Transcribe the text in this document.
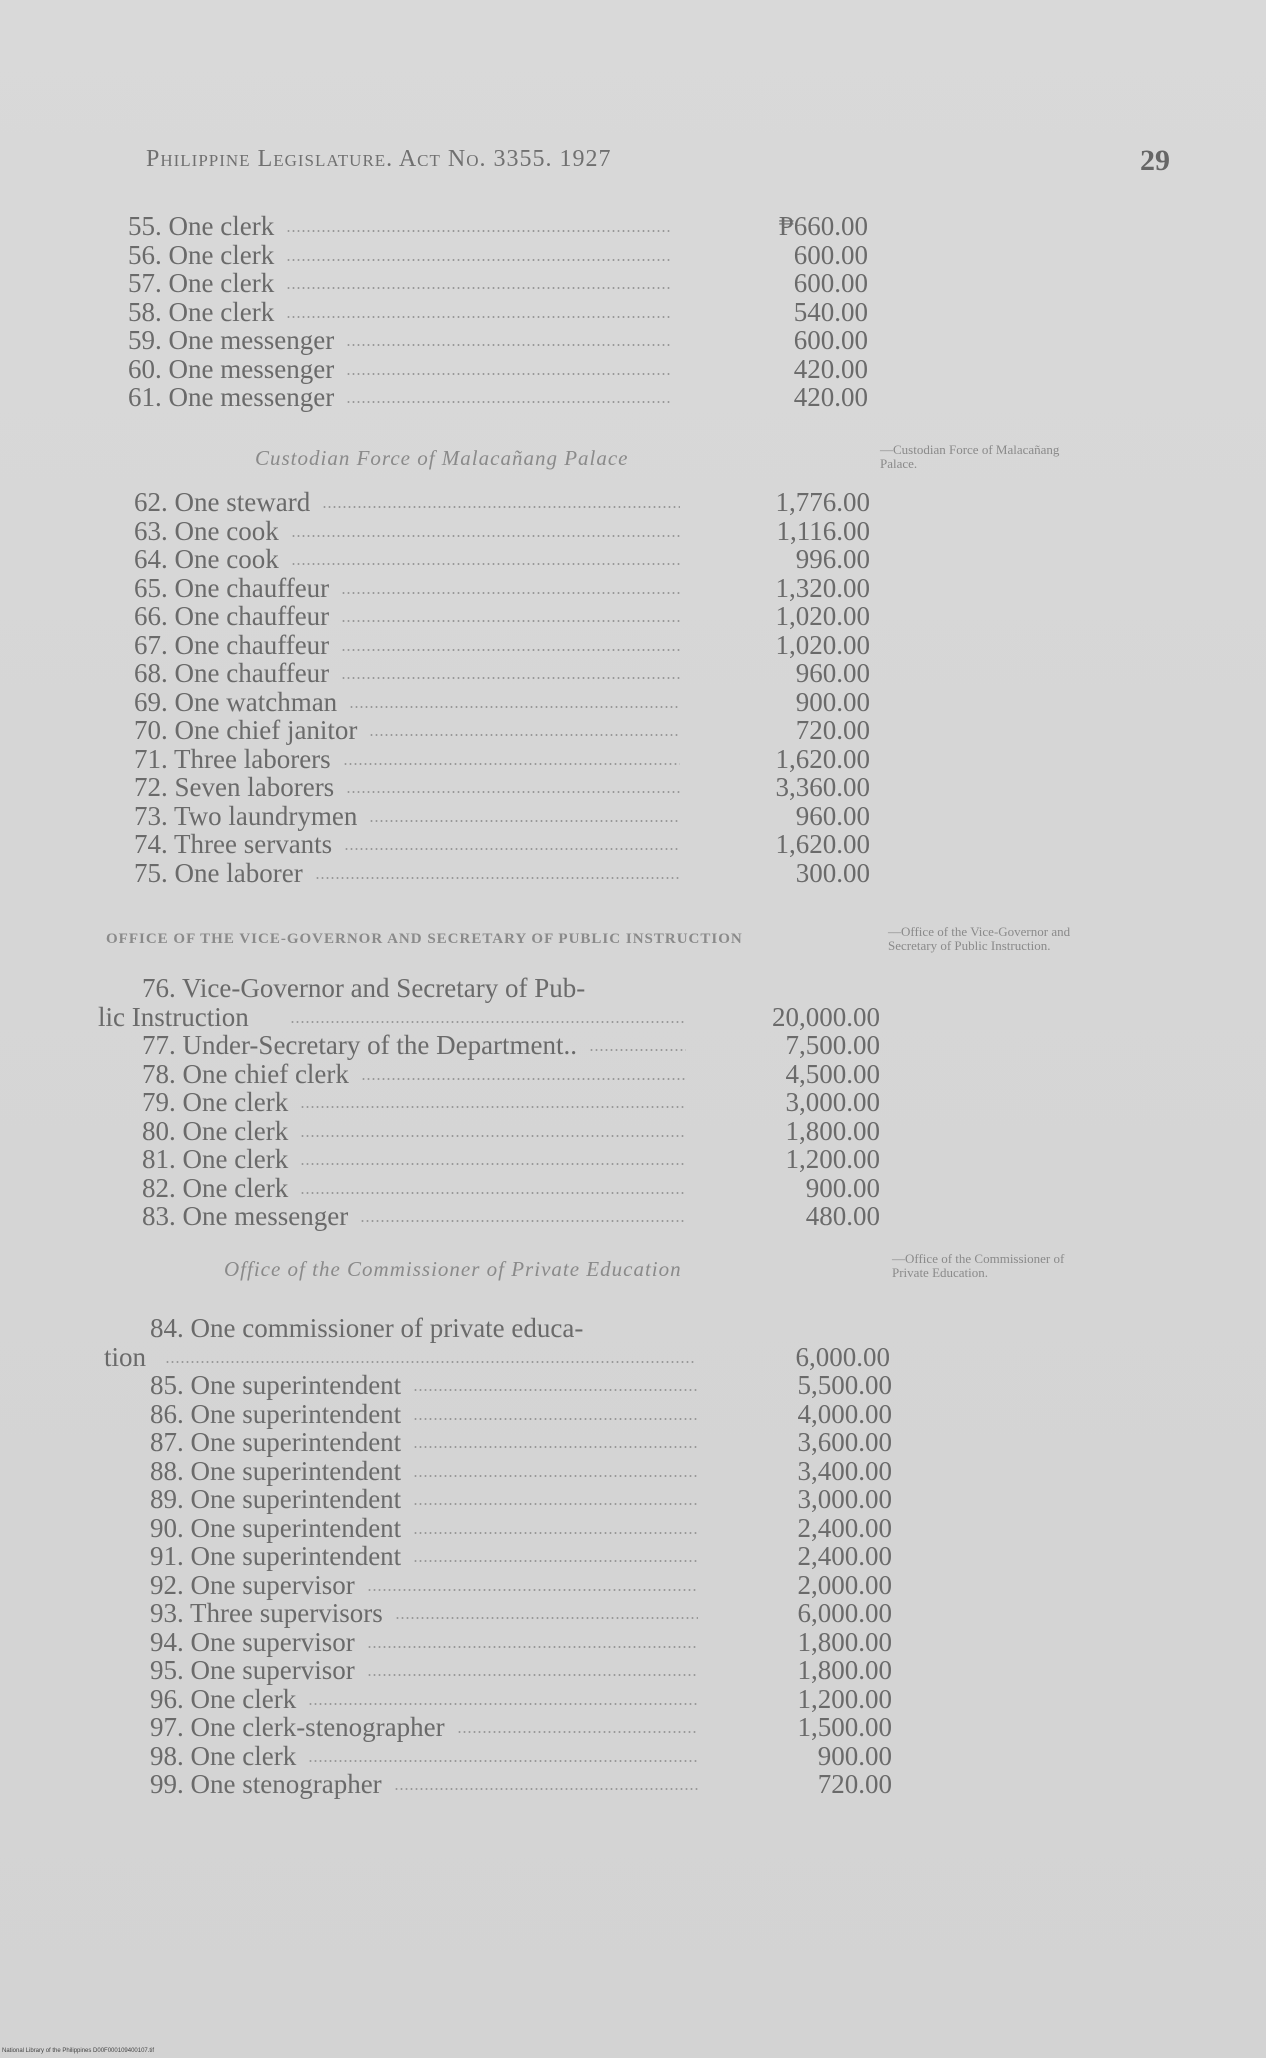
Philippine Legislature. Act No. 3355. 1927	29
55. One clerk	₱660.00
56. One clerk	600.00
57. One clerk	600.00
58. One clerk	540.00
59. One messenger	600.00
60. One messenger	420.00
61. One messenger	420.00
Custodian Force of Malacañang Palace	—Custodian Force of Malacañang Palace.
62. One steward	1,776.00
63. One cook	1,116.00
64. One cook	996.00
65. One chauffeur	1,320.00
66. One chauffeur	1,020.00
67. One chauffeur	1,020.00
68. One chauffeur	960.00
69. One watchman	900.00
70. One chief janitor	720.00
71. Three laborers	1,620.00
72. Seven laborers	3,360.00
73. Two laundrymen	960.00
74. Three servants	1,620.00
75. One laborer	300.00
OFFICE OF THE VICE-GOVERNOR AND SECRETARY OF PUBLIC INSTRUCTION	—Office of the Vice-Governor and Secretary of Public Instruction.
76. Vice-Governor and Secretary of Pub-
lic Instruction	20,000.00
77. Under-Secretary of the Department..	7,500.00
78. One chief clerk	4,500.00
79. One clerk	3,000.00
80. One clerk	1,800.00
81. One clerk	1,200.00
82. One clerk	900.00
83. One messenger	480.00
Office of the Commissioner of Private Education	—Office of the Commissioner of Private Education.
84. One commissioner of private educa-
tion	6,000.00
85. One superintendent	5,500.00
86. One superintendent	4,000.00
87. One superintendent	3,600.00
88. One superintendent	3,400.00
89. One superintendent	3,000.00
90. One superintendent	2,400.00
91. One superintendent	2,400.00
92. One supervisor	2,000.00
93. Three supervisors	6,000.00
94. One supervisor	1,800.00
95. One supervisor	1,800.00
96. One clerk	1,200.00
97. One clerk-stenographer	1,500.00
98. One clerk	900.00
99. One stenographer	720.00
National Library of the Philippines D00F000109400107.tif
